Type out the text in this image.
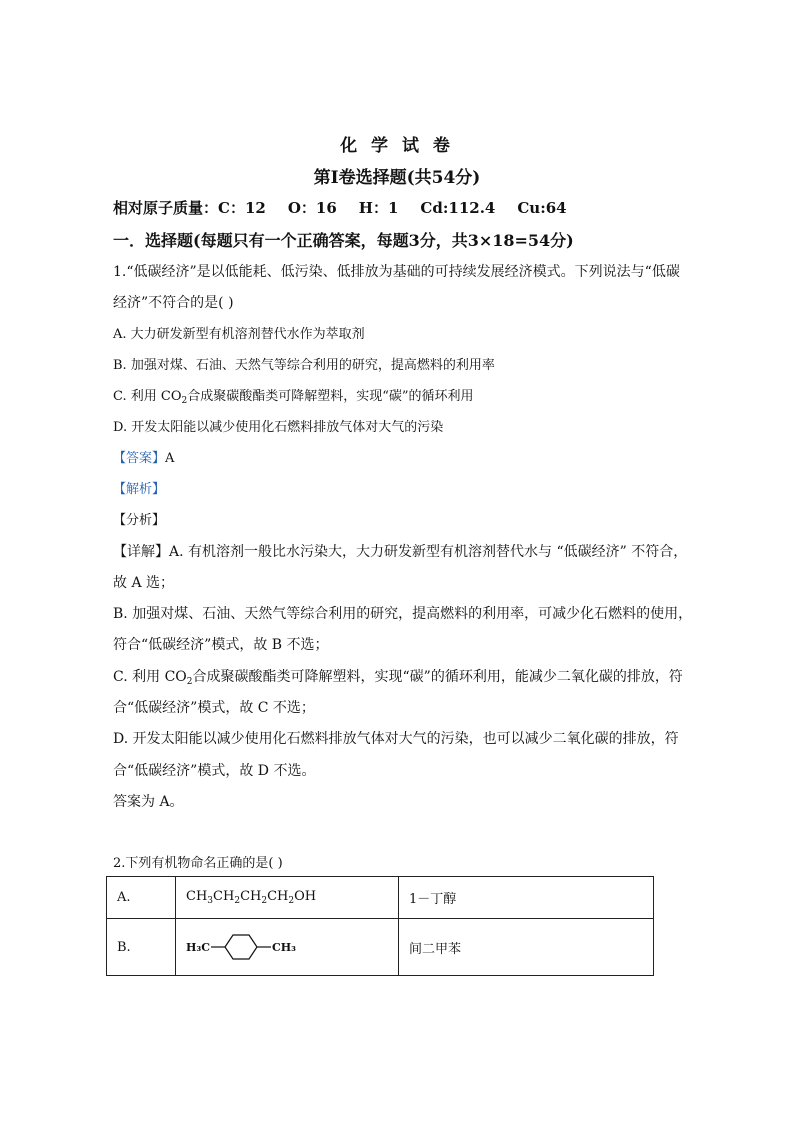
化 学 试 卷
第Ⅰ卷选择题(共54分)
相对原子质量：C：12 O：16 H：1 Cd:112.4 Cu:64
一．选择题(每题只有一个正确答案，每题3分，共3×18=54分)
1.“低碳经济”是以低能耗、低污染、低排放为基础的可持续发展经济模式。下列说法与“低碳
经济”不符合的是( )
A. 大力研发新型有机溶剂替代水作为萃取剂
B. 加强对煤、石油、天然气等综合利用的研究，提高燃料的利用率
C. 利用 $CO_2$合成聚碳酸酯类可降解塑料，实现“碳”的循环利用
D. 开发太阳能以减少使用化石燃料排放气体对大气的污染
【答案】A
【解析】
【分析】
【详解】A. 有机溶剂一般比水污染大，大力研发新型有机溶剂替代水与 “低碳经济” 不符合，
故 A 选；
B. 加强对煤、石油、天然气等综合利用的研究，提高燃料的利用率，可减少化石燃料的使用，
符合“低碳经济”模式，故 B 不选；
C. 利用 $CO_2$合成聚碳酸酯类可降解塑料，实现“碳”的循环利用，能减少二氧化碳的排放，符
合“低碳经济”模式，故 C 不选；
D. 开发太阳能以减少使用化石燃料排放气体对大气的污染，也可以减少二氧化碳的排放，符
合“低碳经济”模式，故 D 不选。
答案为 A。
2.下列有机物命名正确的是( )
A.	$CH_3CH_2CH_2CH_2OH$	1－丁醇
B.	H₃C CH₃	间二甲苯
